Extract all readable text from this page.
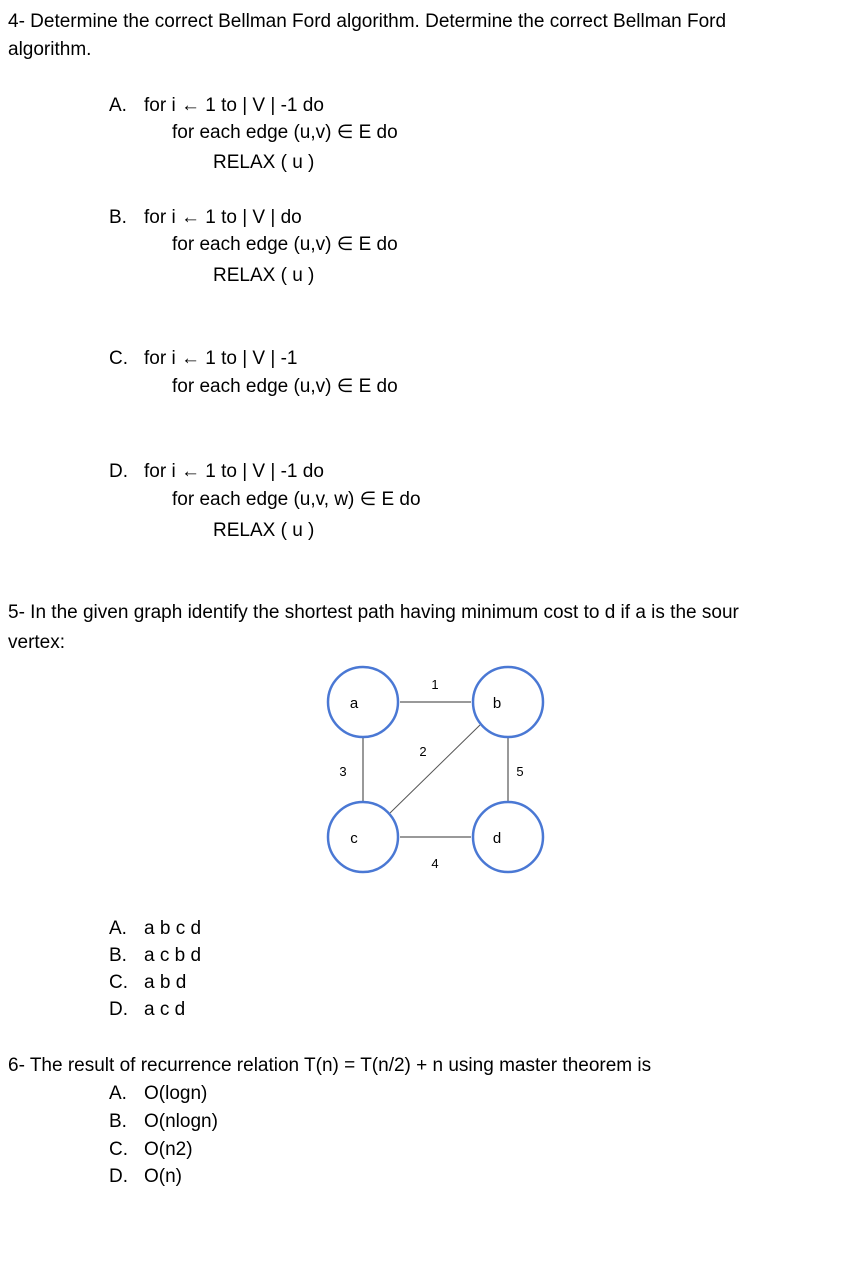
4- Determine the correct Bellman Ford algorithm. Determine the correct Bellman Ford
algorithm.
A. for i ← 1 to | V | -1 do
for each edge (u,v) ∈ E do
RELAX ( u )
B. for i ← 1 to | V | do
for each edge (u,v) ∈ E do
RELAX ( u )
C. for i ← 1 to | V | -1
for each edge (u,v) ∈ E do
D. for i ← 1 to | V | -1 do
for each edge (u,v, w) ∈ E do
RELAX ( u )
5- In the given graph identify the shortest path having minimum cost to d if a is the sour
vertex:
1
3
2
5
4
a	b
c	d
A. a b c d
B. a c b d
C. a b d
D. a c d
6- The result of recurrence relation T(n) = T(n/2) + n using master theorem is
A. O(logn)
B. O(nlogn)
C. O(n2)
D. O(n)
